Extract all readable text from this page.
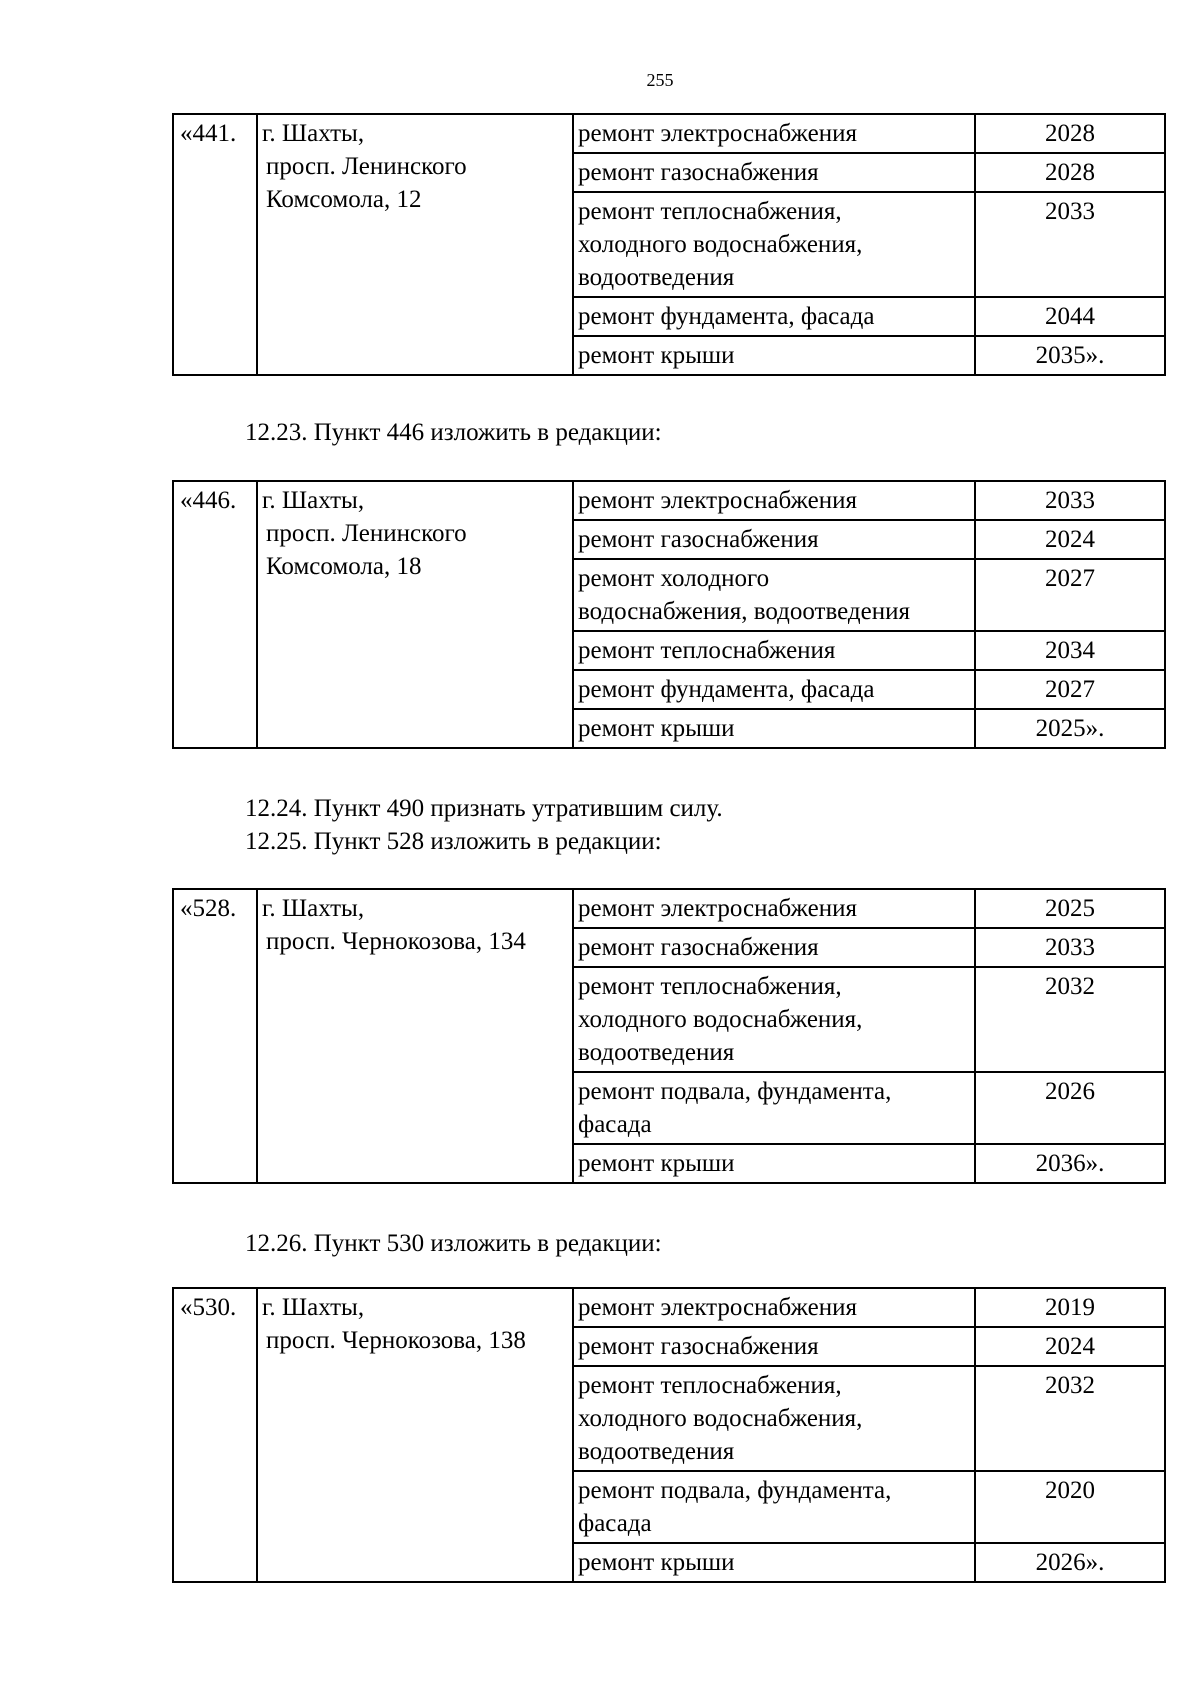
255
«441.	г. Шахты,
просп. Ленинского
Комсомола, 12	ремонт электроснабжения	2028
		ремонт газоснабжения	2028
		ремонт теплоснабжения,
холодного водоснабжения,
водоотведения	2033
		ремонт фундамента, фасада	2044
		ремонт крыши	2035».
12.23. Пункт 446 изложить в редакции:
«446.	г. Шахты,
просп. Ленинского
Комсомола, 18	ремонт электроснабжения	2033
		ремонт газоснабжения	2024
		ремонт холодного
водоснабжения, водоотведения	2027
		ремонт теплоснабжения	2034
		ремонт фундамента, фасада	2027
		ремонт крыши	2025».
12.24. Пункт 490 признать утратившим силу.
12.25. Пункт 528 изложить в редакции:
«528.	г. Шахты,
просп. Чернокозова, 134	ремонт электроснабжения	2025
		ремонт газоснабжения	2033
		ремонт теплоснабжения,
холодного водоснабжения,
водоотведения	2032
		ремонт подвала, фундамента,
фасада	2026
		ремонт крыши	2036».
12.26. Пункт 530 изложить в редакции:
«530.	г. Шахты,
просп. Чернокозова, 138	ремонт электроснабжения	2019
		ремонт газоснабжения	2024
		ремонт теплоснабжения,
холодного водоснабжения,
водоотведения	2032
		ремонт подвала, фундамента,
фасада	2020
		ремонт крыши	2026».
